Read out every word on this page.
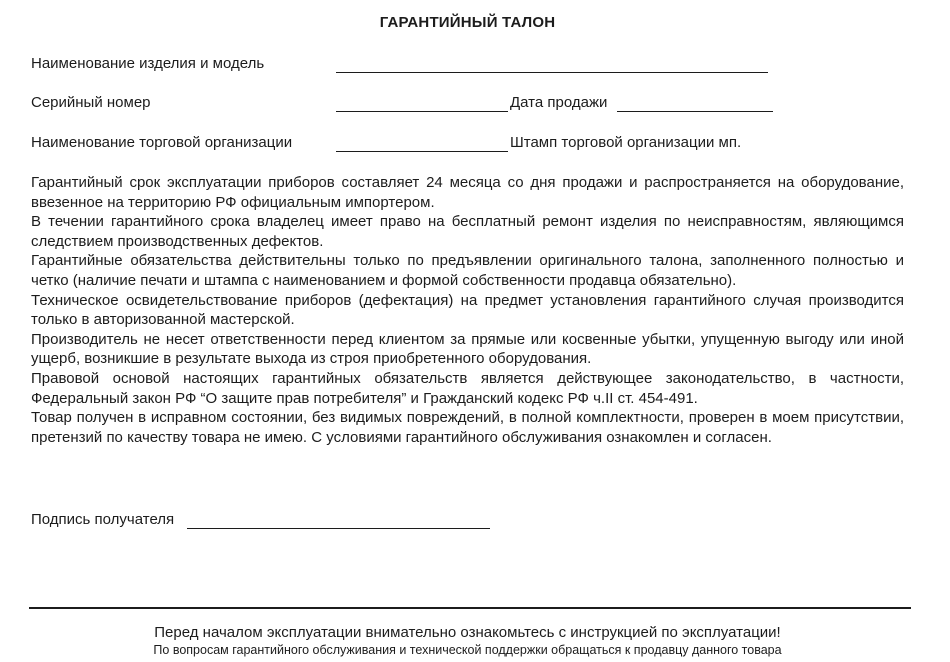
ГАРАНТИЙНЫЙ ТАЛОН
Наименование изделия и модель
Серийный номер	Дата продажи
Наименование торговой организации	Штамп торговой организации мп.

Гарантийный срок эксплуатации приборов составляет 24 месяца со дня продажи и распространяется на оборудование, ввезенное на территорию РФ официальным импортером.

В течении гарантийного срока владелец имеет право на бесплатный ремонт изделия по неисправностям, являющимся следствием производственных дефектов.

Гарантийные обязательства действительны только по предъявлении оригинального талона, заполненного полностью и четко (наличие печати и штампа с наименованием и формой собственности продавца обязательно).

Техническое освидетельствование приборов (дефектация) на предмет установления гарантийного случая производится только в авторизованной мастерской.

Производитель не несет ответственности перед клиентом за прямые или косвенные убытки, упущенную выгоду или иной ущерб, возникшие в результате выхода из строя приобретенного оборудования.

Правовой основой настоящих гарантийных обязательств является действующее законодательство, в частности, Федеральный закон РФ “О защите прав потребителя” и Гражданский кодекс РФ ч.II ст. 454-491.

Товар получен в исправном состоянии, без видимых повреждений, в полной комплектности, проверен в моем присутствии, претензий по качеству товара не имею. С условиями гарантийного обслуживания ознакомлен и согласен.

Подпись получателя
Перед началом эксплуатации внимательно ознакомьтесь с инструкцией по эксплуатации!
По вопросам гарантийного обслуживания и технической поддержки обращаться к продавцу данного товара
